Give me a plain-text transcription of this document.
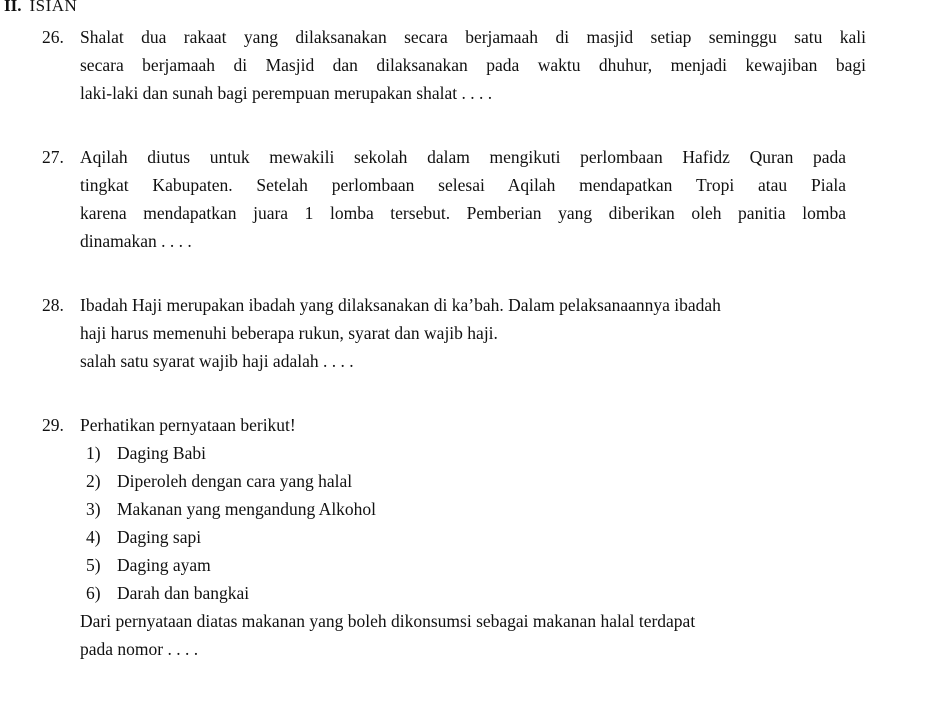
II. ISIAN
26. Shalat dua rakaat yang dilaksanakan secara berjamaah di masjid setiap seminggu satu kali
secara berjamaah di Masjid dan dilaksanakan pada waktu dhuhur, menjadi kewajiban bagi
laki-laki dan sunah bagi perempuan merupakan shalat . . . .
27. Aqilah diutus untuk mewakili sekolah dalam mengikuti perlombaan Hafidz Quran pada
tingkat Kabupaten. Setelah perlombaan selesai Aqilah mendapatkan Tropi atau Piala
karena mendapatkan juara 1 lomba tersebut. Pemberian yang diberikan oleh panitia lomba
dinamakan . . . .
28. Ibadah Haji merupakan ibadah yang dilaksanakan di ka’bah. Dalam pelaksanaannya ibadah
haji harus memenuhi beberapa rukun, syarat dan wajib haji.
salah satu syarat wajib haji adalah . . . .
29. Perhatikan pernyataan berikut!
1) Daging Babi
2) Diperoleh dengan cara yang halal
3) Makanan yang mengandung Alkohol
4) Daging sapi
5) Daging ayam
6) Darah dan bangkai
Dari pernyataan diatas makanan yang boleh dikonsumsi sebagai makanan halal terdapat
pada nomor . . . .
